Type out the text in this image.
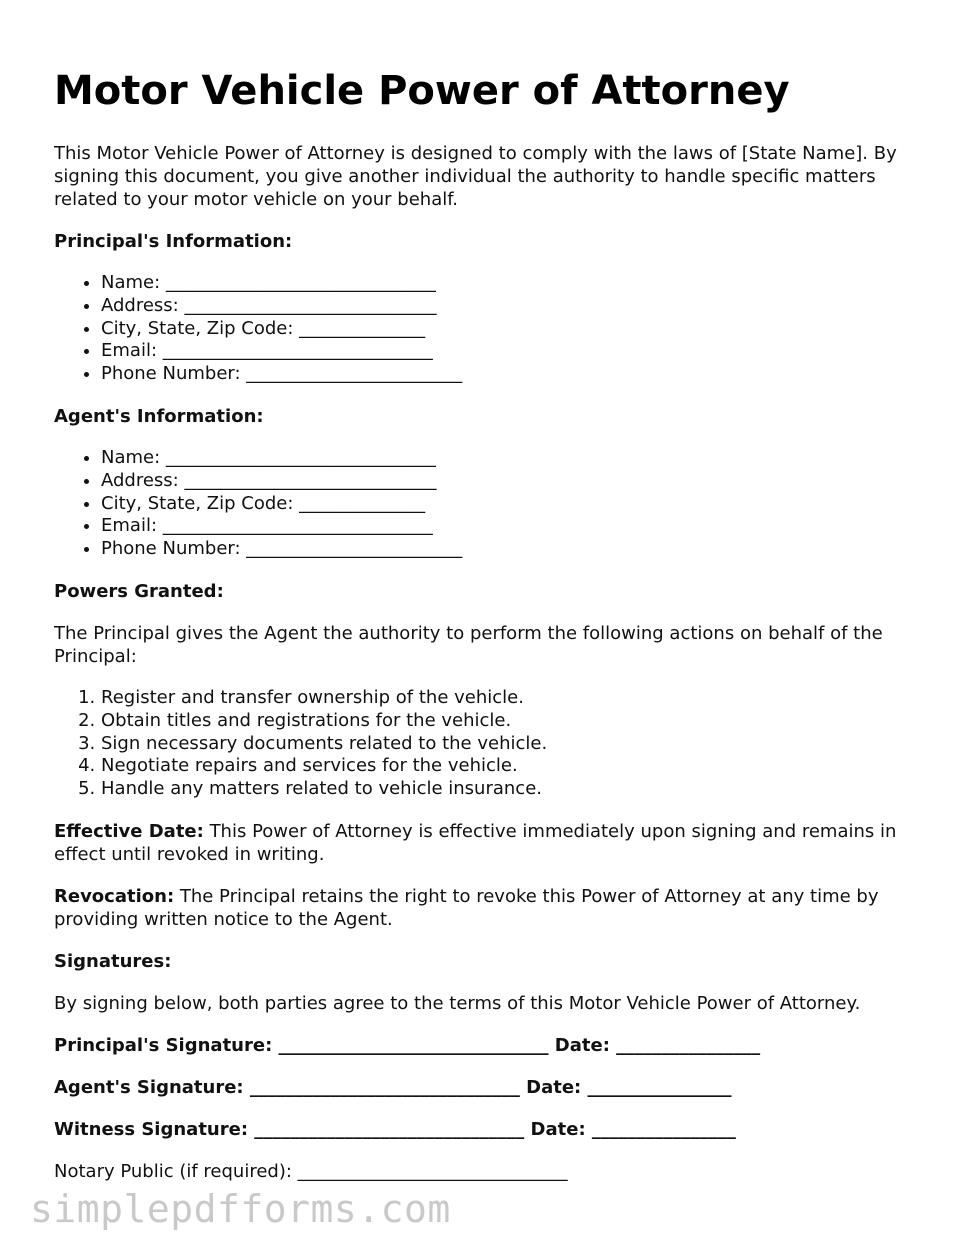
Motor Vehicle Power of Attorney

This Motor Vehicle Power of Attorney is designed to comply with the laws of [State Name]. By signing this document, you give another individual the authority to handle specific matters related to your motor vehicle on your behalf.

Principal's Information:
• Name: ______________________________
• Address: ____________________________
• City, State, Zip Code: ______________
• Email: ______________________________
• Phone Number: ________________________
Agent's Information:
• Name: ______________________________
• Address: ____________________________
• City, State, Zip Code: ______________
• Email: ______________________________
• Phone Number: ________________________
Powers Granted:

The Principal gives the Agent the authority to perform the following actions on behalf of the Principal:

1. Register and transfer ownership of the vehicle.
2. Obtain titles and registrations for the vehicle.
3. Sign necessary documents related to the vehicle.
4. Negotiate repairs and services for the vehicle.
5. Handle any matters related to vehicle insurance.

Effective Date: This Power of Attorney is effective immediately upon signing and remains in effect until revoked in writing.

Revocation: The Principal retains the right to revoke this Power of Attorney at any time by providing written notice to the Agent.

Signatures:

By signing below, both parties agree to the terms of this Motor Vehicle Power of Attorney.

Principal's Signature: ______________________________ Date: ________________

Agent's Signature: ______________________________ Date: ________________

Witness Signature: ______________________________ Date: ________________

Notary Public (if required): ______________________________

simplepdfforms.com
